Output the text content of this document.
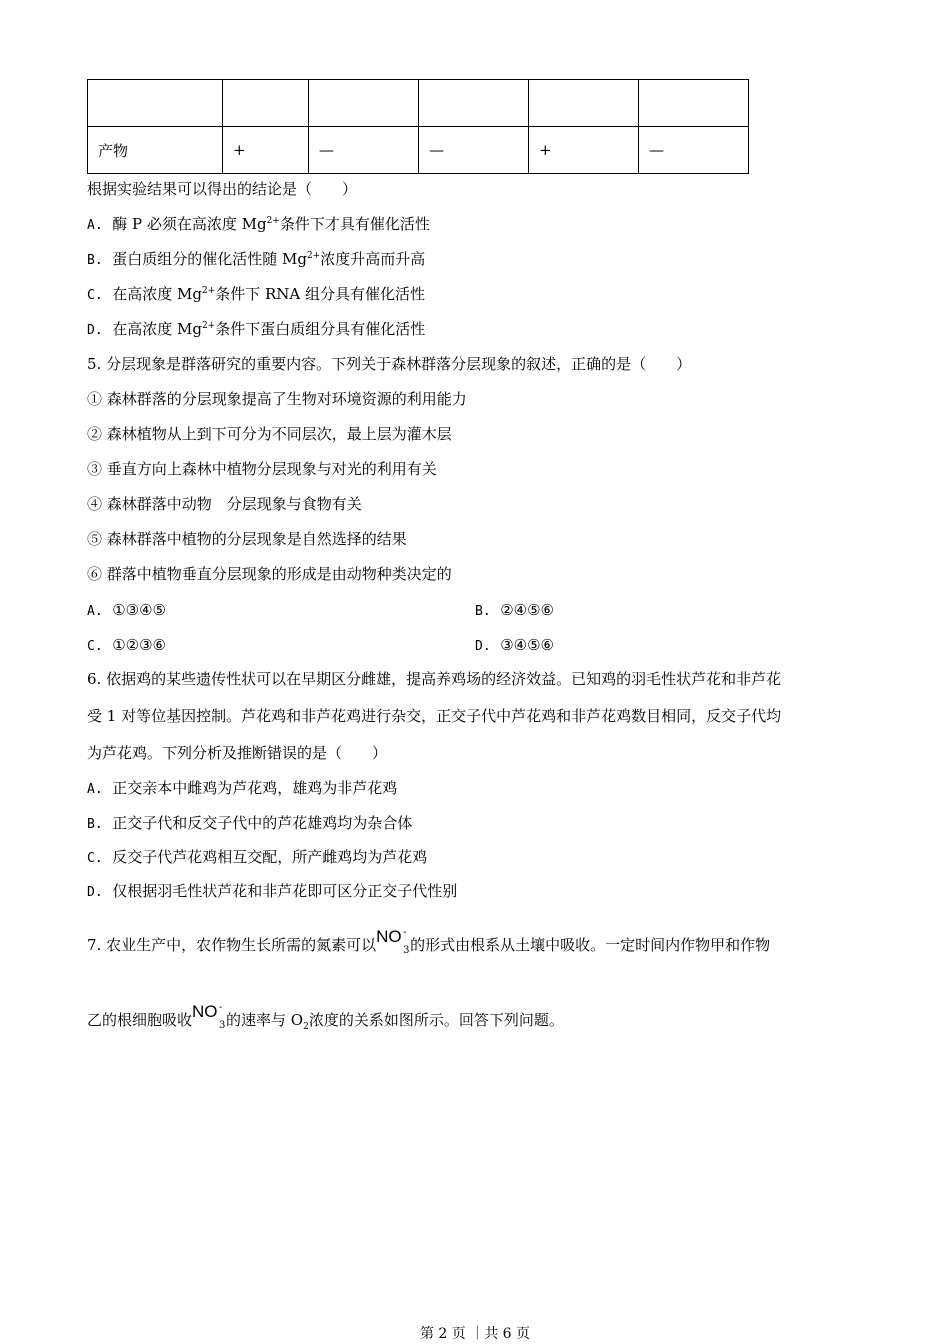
产物	+	—	—	+	—
根据实验结果可以得出的结论是（　　）
A. 酶 P 必须在高浓度 $Mg^{2+}$条件下才具有催化活性
B. 蛋白质组分的催化活性随 $Mg^{2+}$浓度升高而升高
C. 在高浓度 $Mg^{2+}$条件下 RNA 组分具有催化活性
D. 在高浓度 $Mg^{2+}$条件下蛋白质组分具有催化活性
5. 分层现象是群落研究的重要内容。下列关于森林群落分层现象的叙述，正确的是（　　）
① 森林群落的分层现象提高了生物对环境资源的利用能力
② 森林植物从上到下可分为不同层次，最上层为灌木层
③ 垂直方向上森林中植物分层现象与对光的利用有关
④ 森林群落中动物　分层现象与食物有关
⑤ 森林群落中植物的分层现象是自然选择的结果
⑥ 群落中植物垂直分层现象的形成是由动物种类决定的
A. ①③④⑤	B. ②④⑤⑥
C. ①②③⑥	D. ③④⑤⑥
6. 依据鸡的某些遗传性状可以在早期区分雌雄，提高养鸡场的经济效益。已知鸡的羽毛性状芦花和非芦花
受 1 对等位基因控制。芦花鸡和非芦花鸡进行杂交，正交子代中芦花鸡和非芦花鸡数目相同，反交子代均
为芦花鸡。下列分析及推断错误的是（　　）
A. 正交亲本中雌鸡为芦花鸡，雄鸡为非芦花鸡
B. 正交子代和反交子代中的芦花雄鸡均为杂合体
C. 反交子代芦花鸡相互交配，所产雌鸡均为芦花鸡
D. 仅根据羽毛性状芦花和非芦花即可区分正交子代性别
7. 农业生产中，农作物生长所需的氮素可以 NO -
3 的形式由根系从土壤中吸收。一定时间内作物甲和作物
乙的根细胞吸收 NO -
3 的速率与 $O_2$浓度的关系如图所示。回答下列问题。
第 2 页 ｜共 6 页
